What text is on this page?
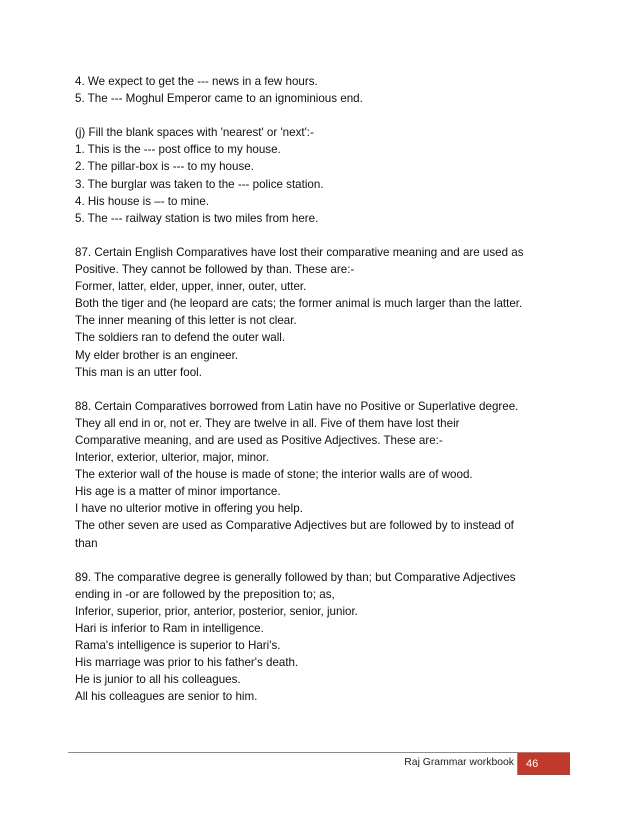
4. We expect to get the --- news in a few hours.
5. The --- Moghul Emperor came to an ignominious end.
(j) Fill the blank spaces with 'nearest' or 'next':-
1. This is the --- post office to my house.
2. The pillar-box is --- to my house.
3. The burglar was taken to the --- police station.
4. His house is –- to mine.
5. The --- railway station is two miles from here.
87. Certain English Comparatives have lost their comparative meaning and are used as
Positive. They cannot be followed by than. These are:-
Former, latter, elder, upper, inner, outer, utter.
Both the tiger and (he leopard are cats; the former animal is much larger than the latter.
The inner meaning of this letter is not clear.
The soldiers ran to defend the outer wall.
My elder brother is an engineer.
This man is an utter fool.
88. Certain Comparatives borrowed from Latin have no Positive or Superlative degree.
They all end in or, not er. They are twelve in all. Five of them have lost their
Comparative meaning, and are used as Positive Adjectives. These are:-
Interior, exterior, ulterior, major, minor.
The exterior wall of the house is made of stone; the interior walls are of wood.
His age is a matter of minor importance.
I have no ulterior motive in offering you help.
The other seven are used as Comparative Adjectives but are followed by to instead of
than
89. The comparative degree is generally followed by than; but Comparative Adjectives
ending in -or are followed by the preposition to; as,
Inferior, superior, prior, anterior, posterior, senior, junior.
Hari is inferior to Ram in intelligence.
Rama's intelligence is superior to Hari's.
His marriage was prior to his father's death.
He is junior to all his colleagues.
All his colleagues are senior to him.
Raj Grammar workbook	46
